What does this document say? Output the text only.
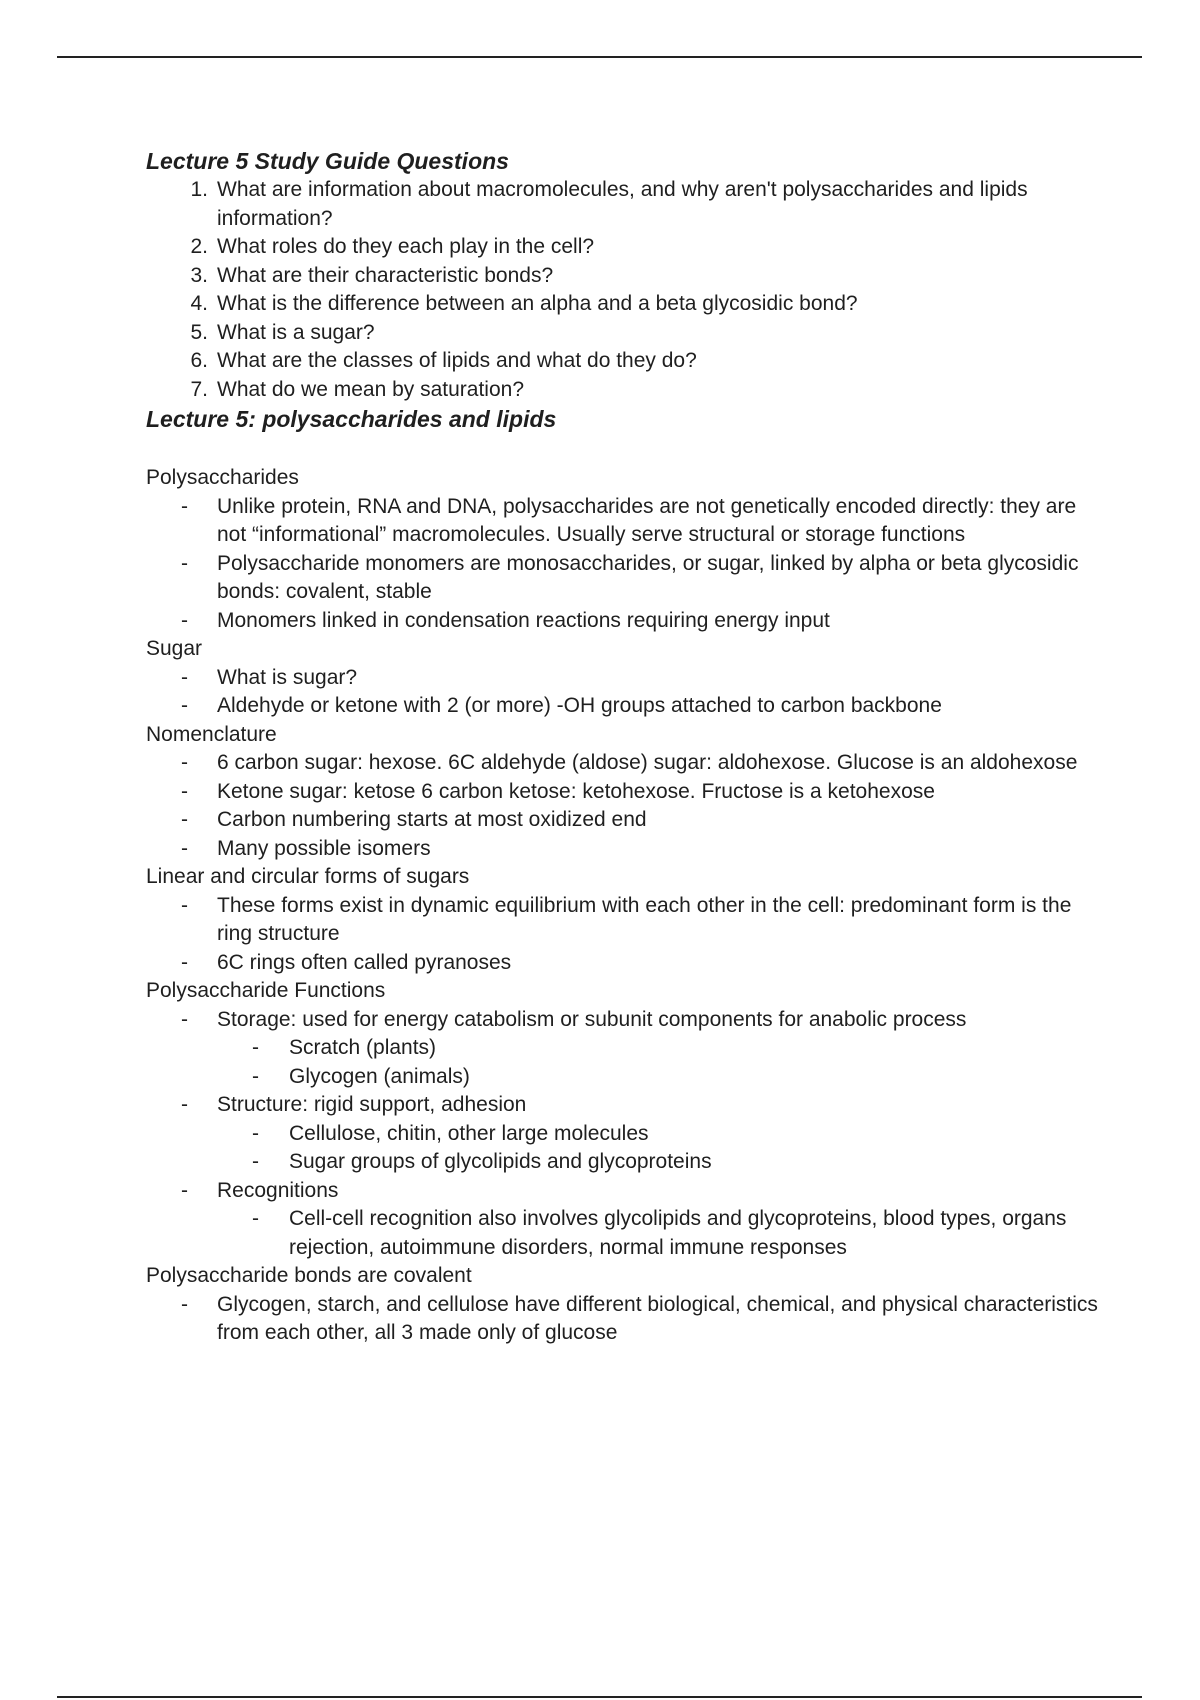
Lecture 5 Study Guide Questions
1. What are information about macromolecules, and why aren't polysaccharides and lipids information?
2. What roles do they each play in the cell?
3. What are their characteristic bonds?
4. What is the difference between an alpha and a beta glycosidic bond?
5. What is a sugar?
6. What are the classes of lipids and what do they do?
7. What do we mean by saturation?
Lecture 5: polysaccharides and lipids
Polysaccharides
- Unlike protein, RNA and DNA, polysaccharides are not genetically encoded directly: they are not “informational” macromolecules. Usually serve structural or storage functions
- Polysaccharide monomers are monosaccharides, or sugar, linked by alpha or beta glycosidic bonds: covalent, stable
- Monomers linked in condensation reactions requiring energy input
Sugar
- What is sugar?
- Aldehyde or ketone with 2 (or more) -OH groups attached to carbon backbone
Nomenclature
- 6 carbon sugar: hexose. 6C aldehyde (aldose) sugar: aldohexose. Glucose is an aldohexose
- Ketone sugar: ketose 6 carbon ketose: ketohexose. Fructose is a ketohexose
- Carbon numbering starts at most oxidized end
- Many possible isomers
Linear and circular forms of sugars
- These forms exist in dynamic equilibrium with each other in the cell: predominant form is the ring structure
- 6C rings often called pyranoses
Polysaccharide Functions
- Storage: used for energy catabolism or subunit components for anabolic process
- Scratch (plants)
- Glycogen (animals)
- Structure: rigid support, adhesion
- Cellulose, chitin, other large molecules
- Sugar groups of glycolipids and glycoproteins
- Recognitions
- Cell-cell recognition also involves glycolipids and glycoproteins, blood types, organs rejection, autoimmune disorders, normal immune responses
Polysaccharide bonds are covalent
- Glycogen, starch, and cellulose have different biological, chemical, and physical characteristics from each other, all 3 made only of glucose
